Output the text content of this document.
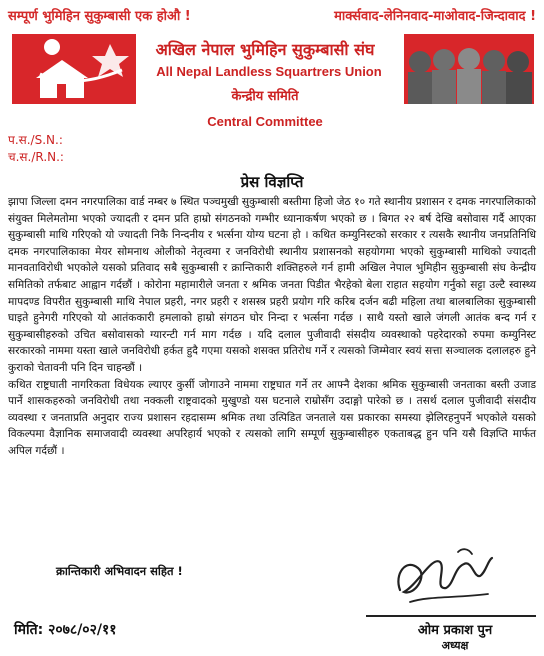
सम्पूर्ण भुमिहिन सुकुम्बासी एक होऔ !	मार्क्सवाद-लेनिनवाद-माओवाद-जिन्दावाद !
अखिल नेपाल भुमिहिन सुकुम्बासी संघ
All Nepal Landless Squartrers Union
केन्द्रीय समिति
Central Committee
प.स./S.N.:
च.स./R.N.:
प्रेस विज्ञप्ति

झापा जिल्ला दमन नगरपालिका वार्ड नम्बर ७ स्थित पञ्चमुखी सुकुम्बासी बस्तीमा हिजो जेठ १० गते स्थानीय प्रशासन र दमक नगरपालिकाको संयुक्त मिलेमतोमा भएको ज्यादती र दमन प्रति हाम्रो संगठनको गम्भीर ध्यानाकर्षण भएको छ । बिगत २२ बर्ष देखि बसोवास गर्दै आएका सुकुम्बासी माथि गरिएको यो ज्यादती निकै निन्दनीय र भर्त्सना योग्य घटना हो । कथित कम्युनिस्टको सरकार र त्यसकै स्थानीय जनप्रतिनिधि दमक नगरपालिकाका मेयर सोमनाथ ओलीको नेतृत्वमा र जनविरोधी स्थानीय प्रशासनको सहयोगमा भएको सुकुम्बासी माथिको ज्यादती मानवताविरोधी भएकोले यसको प्रतिवाद सबै सुकुम्बासी र क्रान्तिकारी शक्तिहरुले गर्न हामी अखिल नेपाल भुमिहीन सुकुम्बासी संघ केन्द्रीय समितिको तर्फबाट आह्वान गर्दछौं । कोरोना महामारीले जनता र श्रमिक जनता पिडीत भैरहेको बेला राहात सहयोग गर्नुको सट्टा उल्टै स्वास्थ्य मापदण्ड विपरीत सुकुम्बासी माथि नेपाल प्रहरी, नगर प्रहरी र शसस्त्र प्रहरी प्रयोग गरि करिब दर्जन बढी महिला तथा बालबालिका सुकुम्बासी घाइते हुनेगरी गरिएको यो आतंककारी हमलाको हाम्रो संगठन घोर निन्दा र भर्त्सना गर्दछ । साथै यस्तो खाले जंगली आतंक बन्द गर्न र सुकुम्बासीहरुको उचित बसोवासको ग्यारन्टी गर्न माग गर्दछ । यदि दलाल पुजीवादी संसदीय व्यवस्थाको पहरेदारको रुपमा कम्युनिस्ट सरकारको नाममा यस्ता खाले जनविरोधी हर्कत हुदै गएमा यसको शसक्त प्रतिरोध गर्ने र त्यसको जिम्मेवार स्वयं सत्ता सञ्चालक दलालहरु हुने कुराको चेतावनी पनि दिन चाहन्छौं ।

कथित राष्ट्रघाती नागरिकता विधेयक ल्याएर कुर्सी जोगाउने नाममा राष्ट्रघात गर्ने तर आफ्नै देशका श्रमिक सुकुम्बासी जनताका बस्ती उजाड पार्ने शासकहरुको जनविरोधी तथा नक्कली राष्ट्रवादको मुखुण्डो यस घटनाले राम्रोसँग उदाङ्गो पारेको छ । तसर्थ दलाल पुजीवादी संसदीय व्यवस्था र जनताप्रति अनुदार राज्य प्रशासन रहदासम्म श्रमिक तथा उत्पिडित जनताले यस प्रकारका समस्या झेलिरहनुपर्ने भएकोले यसको विकल्पमा वैज्ञानिक समाजवादी व्यवस्था अपरिहार्य भएको र त्यसको लागि सम्पूर्ण सुकुम्बासीहरु एकताबद्ध हुन पनि यसै विज्ञप्ति मार्फत अपिल गर्दछौं ।

क्रान्तिकारी अभिवादन सहित !
मिति: २०७८/०२/११	ओम प्रकाश पुन
अध्यक्ष
